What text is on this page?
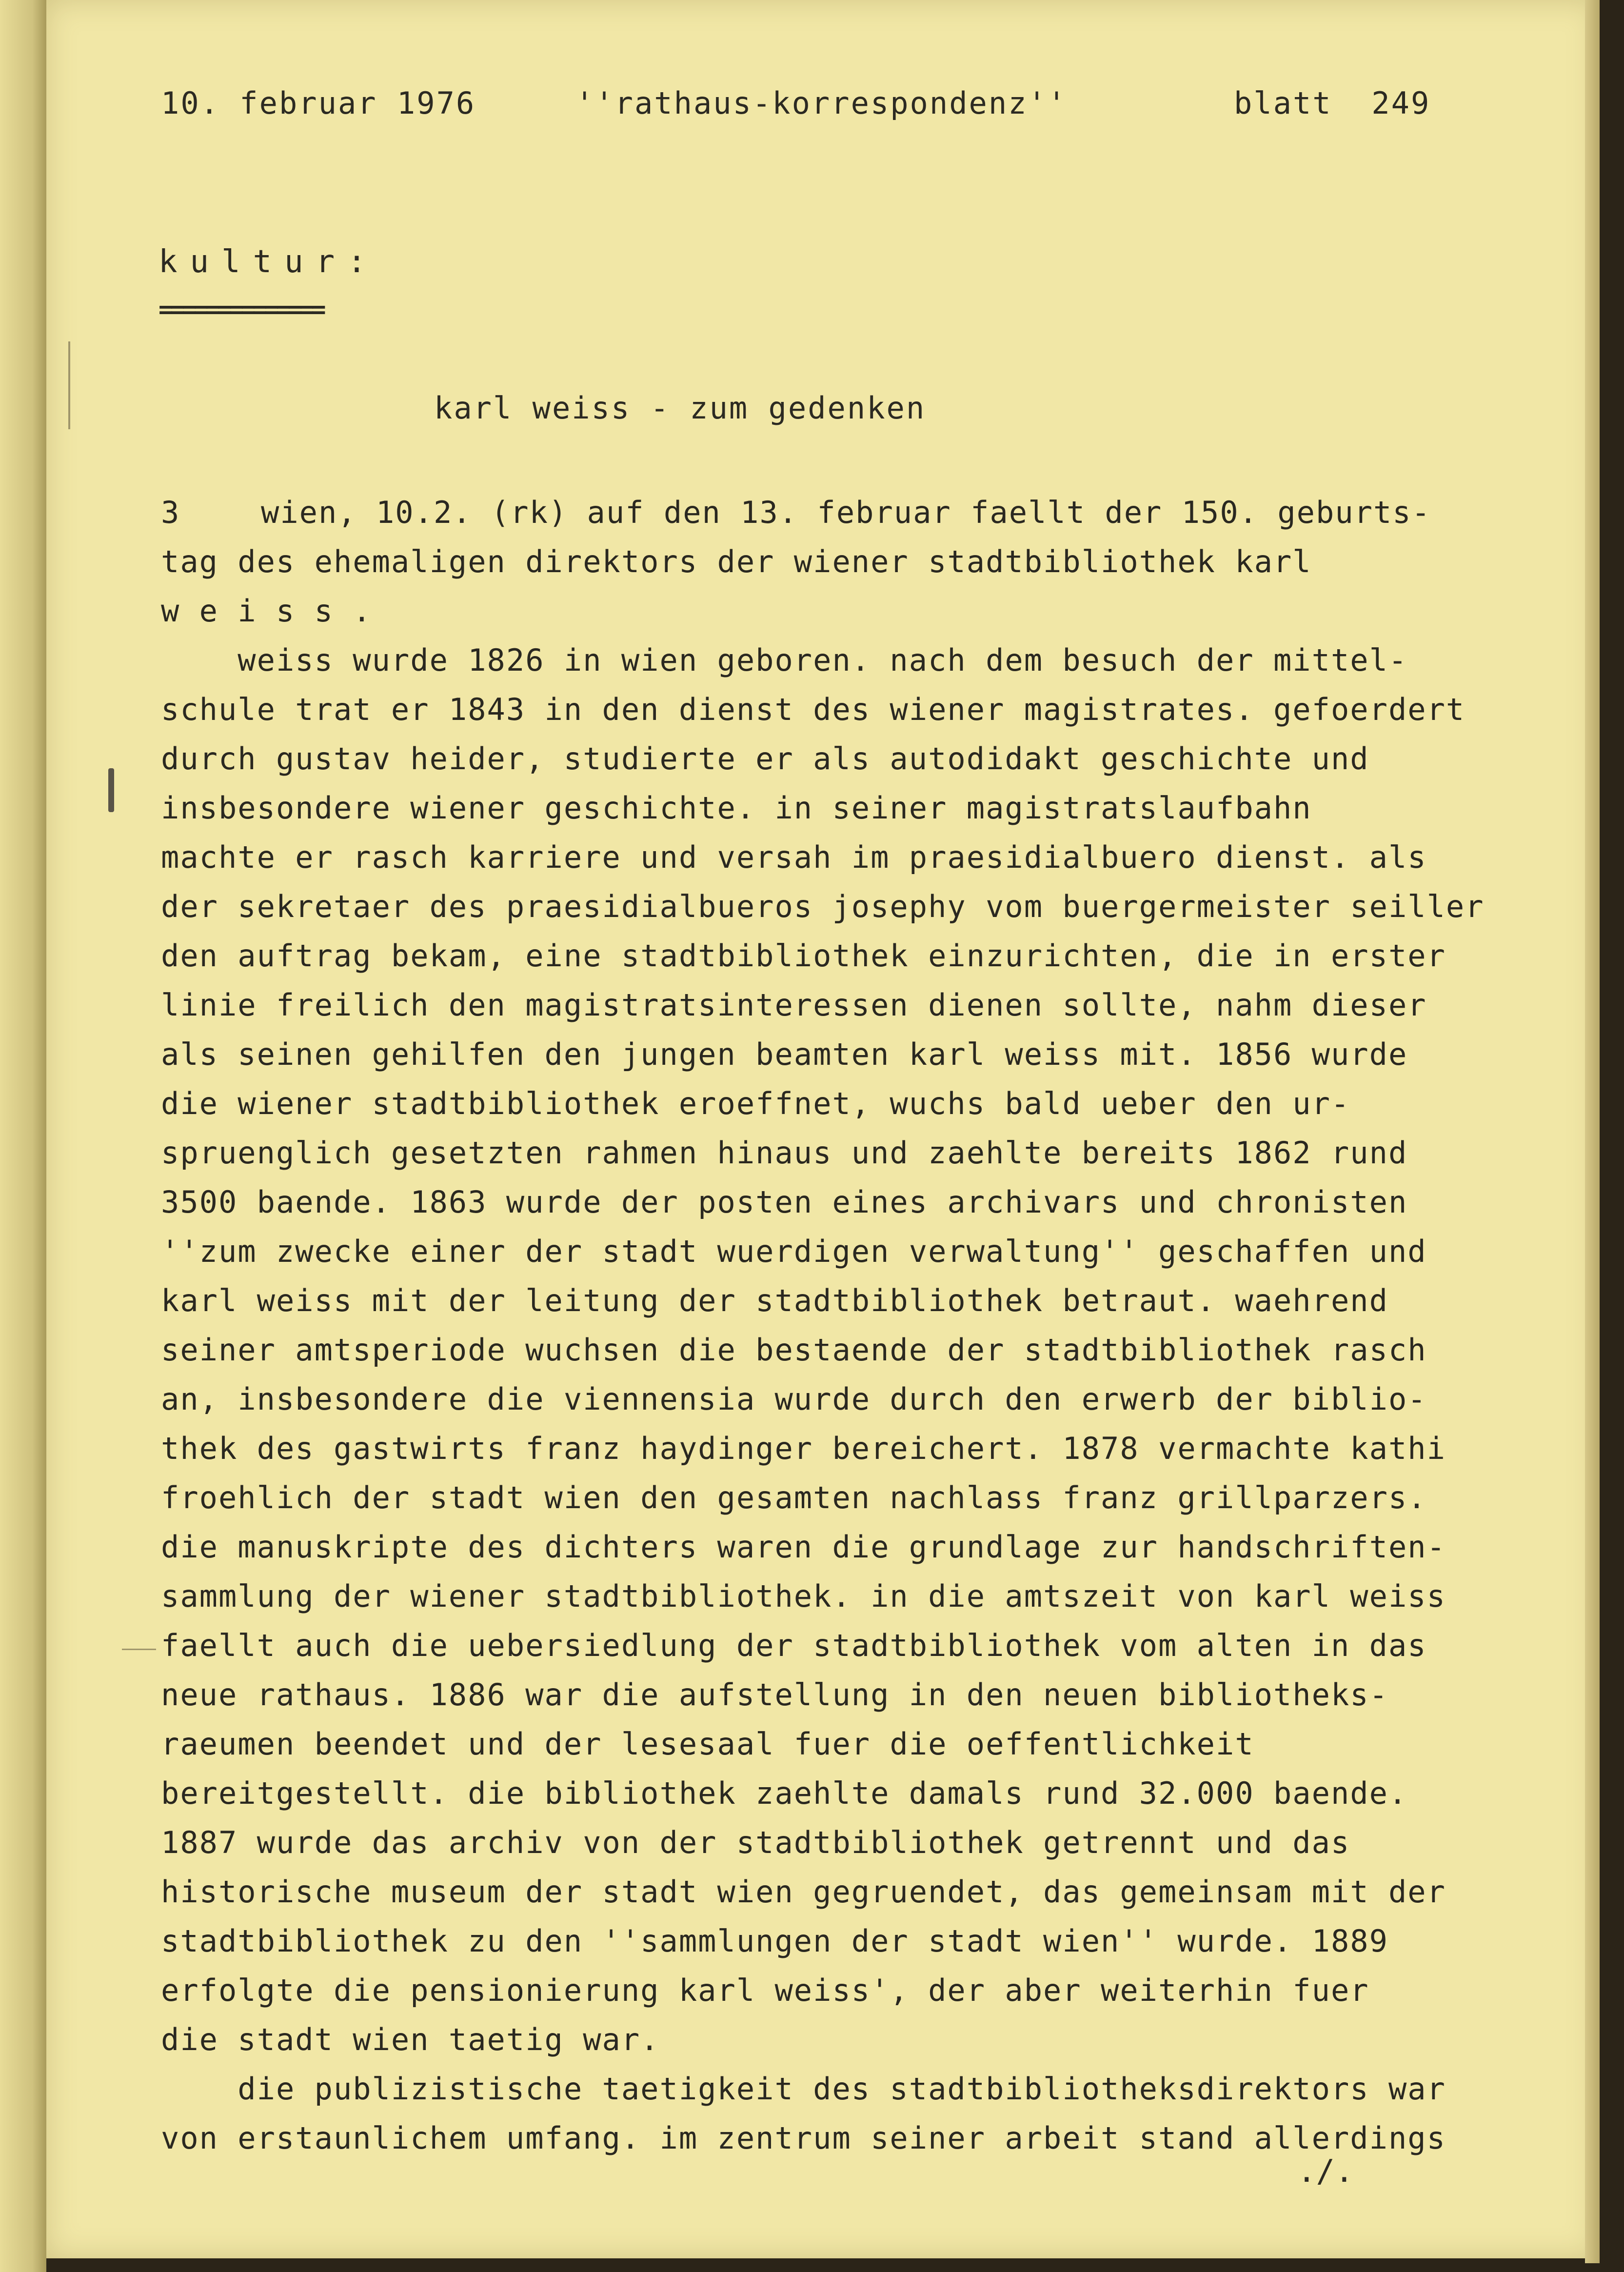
10. februar 1976	''rathaus-korrespondenz''	blatt  249
kultur:
==============
karl weiss - zum gedenken
3	wien, 10.2. (rk) auf den 13. februar faellt der 150. geburts-
tag des ehemaligen direktors der wiener stadtbibliothek karl
w e i s s .
weiss wurde 1826 in wien geboren. nach dem besuch der mittel-
schule trat er 1843 in den dienst des wiener magistrates. gefoerdert
durch gustav heider, studierte er als autodidakt geschichte und
insbesondere wiener geschichte. in seiner magistratslaufbahn
machte er rasch karriere und versah im praesidialbuero dienst. als
der sekretaer des praesidialbueros josephy vom buergermeister seiller
den auftrag bekam, eine stadtbibliothek einzurichten, die in erster
linie freilich den magistratsinteressen dienen sollte, nahm dieser
als seinen gehilfen den jungen beamten karl weiss mit. 1856 wurde
die wiener stadtbibliothek eroeffnet, wuchs bald ueber den ur-
spruenglich gesetzten rahmen hinaus und zaehlte bereits 1862 rund
3500 baende. 1863 wurde der posten eines archivars und chronisten
''zum zwecke einer der stadt wuerdigen verwaltung'' geschaffen und
karl weiss mit der leitung der stadtbibliothek betraut. waehrend
seiner amtsperiode wuchsen die bestaende der stadtbibliothek rasch
an, insbesondere die viennensia wurde durch den erwerb der biblio-
thek des gastwirts franz haydinger bereichert. 1878 vermachte kathi
froehlich der stadt wien den gesamten nachlass franz grillparzers.
die manuskripte des dichters waren die grundlage zur handschriften-
sammlung der wiener stadtbibliothek. in die amtszeit von karl weiss
faellt auch die uebersiedlung der stadtbibliothek vom alten in das
neue rathaus. 1886 war die aufstellung in den neuen bibliotheks-
raeumen beendet und der lesesaal fuer die oeffentlichkeit
bereitgestellt. die bibliothek zaehlte damals rund 32.000 baende.
1887 wurde das archiv von der stadtbibliothek getrennt und das
historische museum der stadt wien gegruendet, das gemeinsam mit der
stadtbibliothek zu den ''sammlungen der stadt wien'' wurde. 1889
erfolgte die pensionierung karl weiss', der aber weiterhin fuer
die stadt wien taetig war.
die publizistische taetigkeit des stadtbibliotheksdirektors war
von erstaunlichem umfang. im zentrum seiner arbeit stand allerdings
./.
